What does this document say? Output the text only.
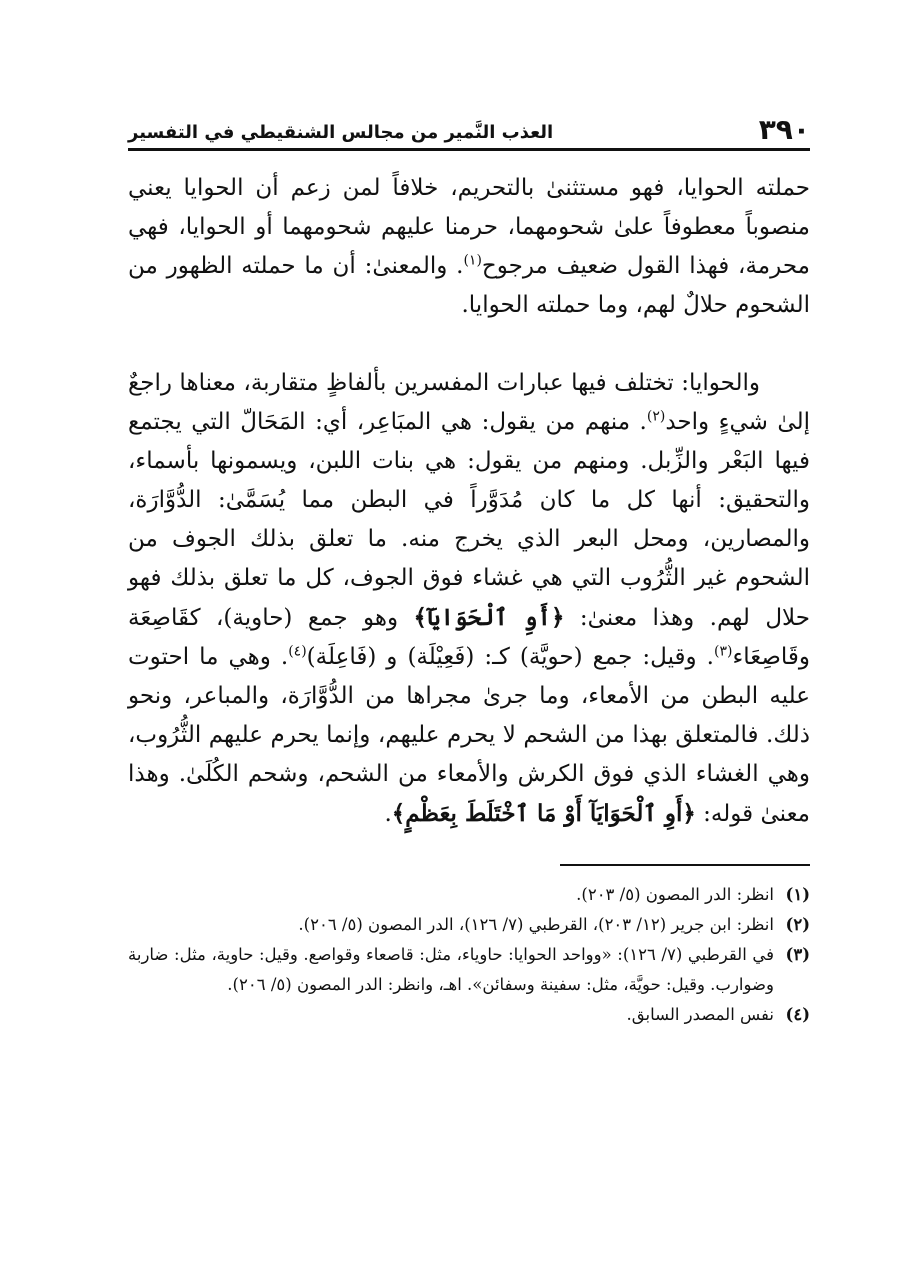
٣٩٠
العذب النَّمير من مجالس الشنقيطي في التفسير

حملته الحوايا، فهو مستثنىٰ بالتحريم، خلافاً لمن زعم أن الحوايا يعني منصوباً معطوفاً علىٰ شحومهما، حرمنا عليهم شحومهما أو الحوايا، فهي محرمة، فهذا القول ضعيف مرجوح$^{(١)}$. والمعنىٰ: أن ما حملته الظهور من الشحوم حلالٌ لهم، وما حملته الحوايا.

والحوايا: تختلف فيها عبارات المفسرين بألفاظٍ متقاربة، معناها راجعٌ إلىٰ شيءٍ واحد$^{(٢)}$. منهم من يقول: هي المبَاعِر، أي: المَحَالّ التي يجتمع فيها البَعْر والزِّبل. ومنهم من يقول: هي بنات اللبن، ويسمونها بأسماء، والتحقيق: أنها كل ما كان مُدَوَّراً في البطن مما يُسَمَّىٰ: الدُّوَّارَة، والمصارين، ومحل البعر الذي يخرج منه. ما تعلق بذلك الجوف من الشحوم غير الثُّرُوب التي هي غشاء فوق الجوف، كل ما تعلق بذلك فهو حلال لهم. وهذا معنىٰ: ﴿أَوِ ٱلْحَوَايَآ﴾ وهو جمع (حاوية)، كقَاصِعَة وقَاصِعَاء$^{(٣)}$. وقيل: جمع (حويَّة) كـ: (فَعِيْلَة) و (فَاعِلَة)$^{(٤)}$. وهي ما احتوت عليه البطن من الأمعاء، وما جرىٰ مجراها من الدُّوَّارَة، والمباعر، ونحو ذلك. فالمتعلق بهذا من الشحم لا يحرم عليهم، وإنما يحرم عليهم الثُّرُوب، وهي الغشاء الذي فوق الكرش والأمعاء من الشحم، وشحم الكُلَىٰ. وهذا معنىٰ قوله: ﴿أَوِ ٱلْحَوَايَآ أَوْ مَا ٱخْتَلَطَ بِعَظْمٍ﴾.

(١)
انظر: الدر المصون (٥/ ٢٠٣).
(٢)
انظر: ابن جرير (١٢/ ٢٠٣)، القرطبي (٧/ ١٢٦)، الدر المصون (٥/ ٢٠٦).
(٣)
في القرطبي (٧/ ١٢٦): «وواحد الحوايا: حاوياء، مثل: قاصعاء وقواصع. وقيل: حاوية، مثل: ضاربة وضوارب. وقيل: حويَّة، مثل: سفينة وسفائن». اهـ، وانظر: الدر المصون (٥/ ٢٠٦).
(٤)
نفس المصدر السابق.
